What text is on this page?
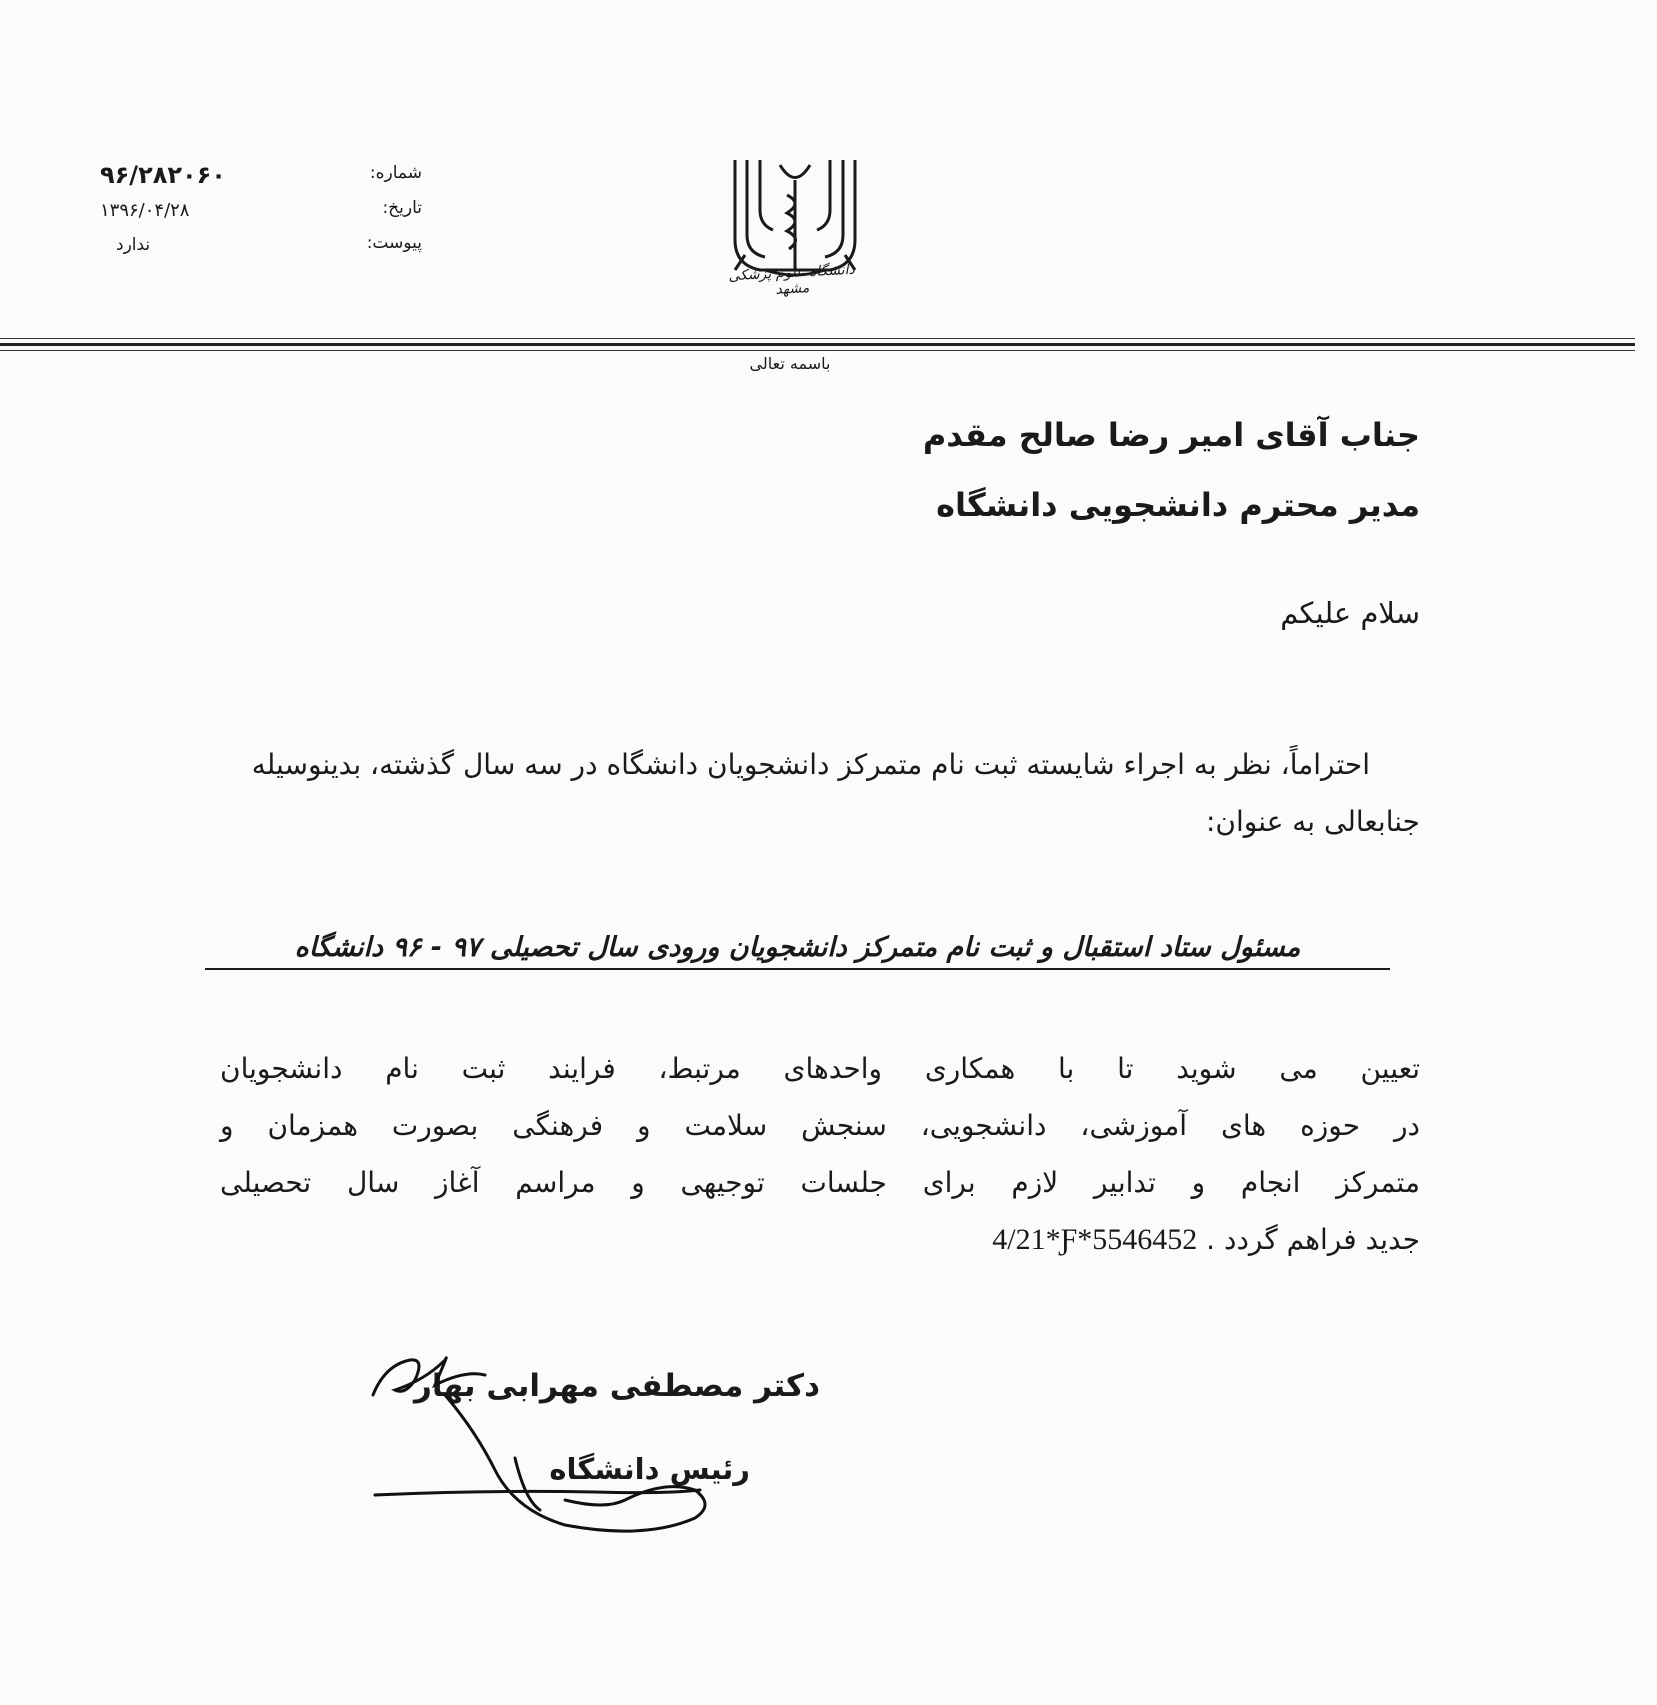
شماره:
تاریخ:
پیوست:
۹۶/۲۸۲۰۶۰
۱۳۹۶/۰۴/۲۸
ندارد
دانشگاه علوم پزشکی مشهد
باسمه تعالی
جناب آقای امیر رضا صالح مقدم
مدیر محترم دانشجویی دانشگاه
سلام علیکم
احتراماً، نظر به اجراء شایسته ثبت نام متمرکز دانشجویان دانشگاه در سه سال گذشته، بدینوسیله جنابعالی به عنوان:
مسئول ستاد استقبال و ثبت نام متمرکز دانشجویان ورودی سال تحصیلی ۹۷ - ۹۶ دانشگاه
تعیین می شوید تا با همکاری واحدهای مرتبط، فرایند ثبت نام دانشجویان
در حوزه های آموزشی، دانشجویی، سنجش سلامت و فرهنگی بصورت همزمان و
متمرکز انجام و تدابیر لازم برای جلسات توجیهی و مراسم آغاز سال تحصیلی
جدید فراهم گردد . 4/21*Ƒ*5546452
دکتر مصطفی مهرابی بهار
رئیس دانشگاه
